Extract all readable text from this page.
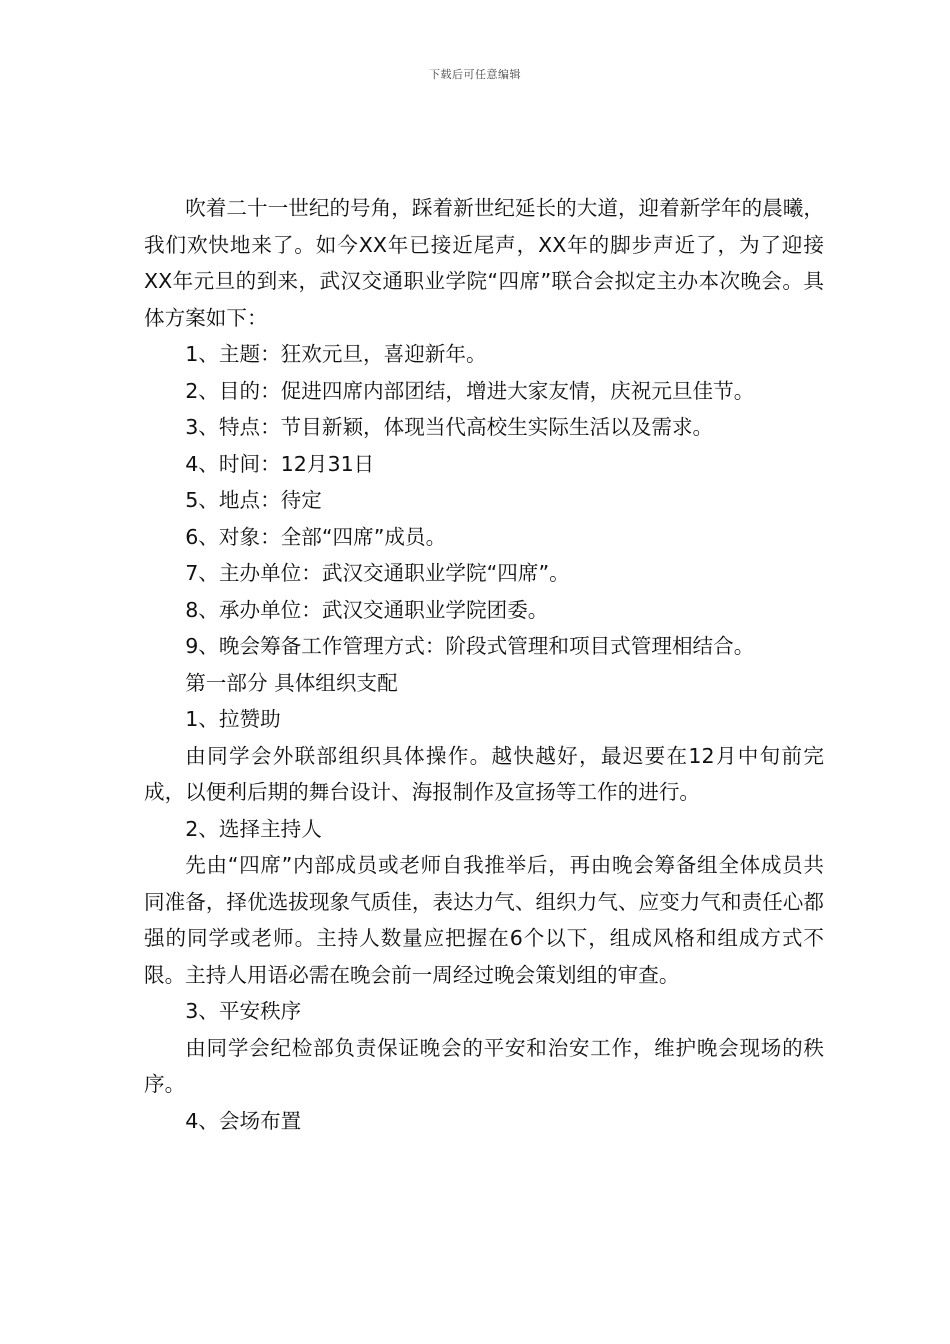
下载后可任意编辑

吹着二十一世纪的号角，踩着新世纪延长的大道，迎着新学年的晨曦，我们欢快地来了。如今XX年已接近尾声，XX年的脚步声近了，为了迎接XX年元旦的到来，武汉交通职业学院“四席”联合会拟定主办本次晚会。具体方案如下：

1、主题：狂欢元旦，喜迎新年。

2、目的：促进四席内部团结，增进大家友情，庆祝元旦佳节。

3、特点：节目新颖，体现当代高校生实际生活以及需求。

4、时间：12月31日

5、地点：待定

6、对象：全部“四席”成员。

7、主办单位：武汉交通职业学院“四席”。

8、承办单位：武汉交通职业学院团委。

9、晚会筹备工作管理方式：阶段式管理和项目式管理相结合。

第一部分 具体组织支配

1、拉赞助

由同学会外联部组织具体操作。越快越好，最迟要在12月中旬前完成，以便利后期的舞台设计、海报制作及宣扬等工作的进行。

2、选择主持人

先由“四席”内部成员或老师自我推举后，再由晚会筹备组全体成员共同准备，择优选拔现象气质佳，表达力气、组织力气、应变力气和责任心都强的同学或老师。主持人数量应把握在6个以下，组成风格和组成方式不限。主持人用语必需在晚会前一周经过晚会策划组的审查。

3、平安秩序

由同学会纪检部负责保证晚会的平安和治安工作，维护晚会现场的秩序。

4、会场布置
